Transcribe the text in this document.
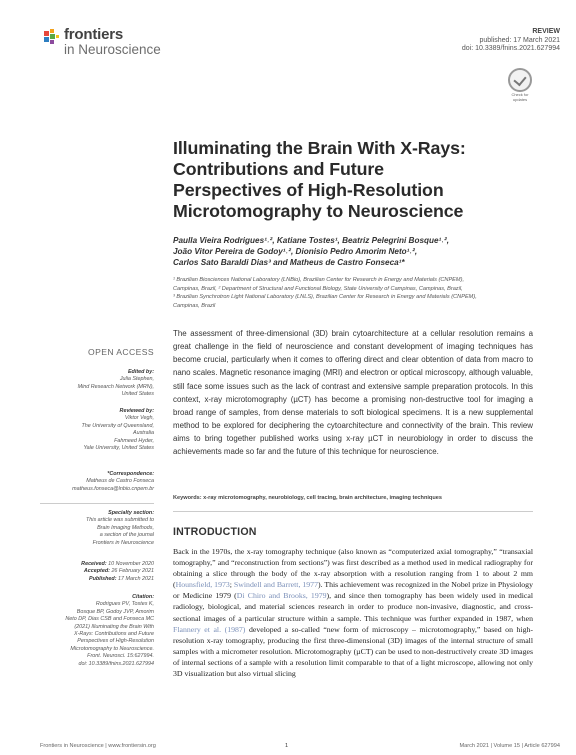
frontiers
in Neuroscience
REVIEW
published: 17 March 2021
doi: 10.3389/fnins.2021.627994
Check for updates
Illuminating the Brain With X-Rays:
Contributions and Future
Perspectives of High-Resolution
Microtomography to Neuroscience
Paulla Vieira Rodrigues¹˒², Katiane Tostes¹, Beatriz Pelegrini Bosque¹˒²,
João Vitor Pereira de Godoy¹˒², Dionisio Pedro Amorim Neto¹˒²,
Carlos Sato Baraldi Dias³ and Matheus de Castro Fonseca¹*
¹ Brazilian Biosciences National Laboratory (LNBio), Brazilian Center for Research in Energy and Materials (CNPEM),
Campinas, Brazil, ² Department of Structural and Functional Biology, State University of Campinas, Campinas, Brazil,
³ Brazilian Synchrotron Light National Laboratory (LNLS), Brazilian Center for Research in Energy and Materials (CNPEM),
Campinas, Brazil
OPEN ACCESS
Edited by:
Julia Stephen,
Mind Research Network (MRN),
United States
Reviewed by:
Viktor Vegh,
The University of Queensland,
Australia
Fahmeed Hyder,
Yale University, United States
*Correspondence:
Matheus de Castro Fonseca
matheus.fonseca@lnbio.cnpem.br
Specialty section:
This article was submitted to
Brain Imaging Methods,
a section of the journal
Frontiers in Neuroscience
Received: 10 November 2020
Accepted: 26 February 2021
Published: 17 March 2021
Citation:
Rodrigues PV, Tostes K,
Bosque BP, Godoy JVP, Amorim
Neto DP, Dias CSB and Fonseca MC
(2021) Illuminating the Brain With
X-Rays: Contributions and Future
Perspectives of High-Resolution
Microtomography to Neuroscience.
Front. Neurosci. 15:627994.
doi: 10.3389/fnins.2021.627994
The assessment of three-dimensional (3D) brain cytoarchitecture at a cellular resolution remains a great challenge in the field of neuroscience and constant development of imaging techniques has become crucial, particularly when it comes to offering direct and clear obtention of data from macro to nano scales. Magnetic resonance imaging (MRI) and electron or optical microscopy, although valuable, still face some issues such as the lack of contrast and extensive sample preparation protocols. In this context, x-ray microtomography (µCT) has become a promising non-destructive tool for imaging a broad range of samples, from dense materials to soft biological specimens. It is a new supplemental method to be explored for deciphering the cytoarchitecture and connectivity of the brain. This review aims to bring together published works using x-ray µCT in neurobiology in order to discuss the achievements made so far and the future of this technique for neuroscience.
Keywords: x-ray microtomography, neurobiology, cell tracing, brain architecture, imaging techniques
INTRODUCTION
Back in the 1970s, the x-ray tomography technique (also known as “computerized axial tomography,” “transaxial tomography,” and “reconstruction from sections”) was first described as a method used in medical radiography for obtaining a slice through the body of the x-ray absorption with a resolution ranging from 1 to about 2 mm (Hounsfield, 1973; Swindell and Barrett, 1977). This achievement was recognized in the Nobel prize in Physiology or Medicine 1979 (Di Chiro and Brooks, 1979), and since then tomography has been widely used in medical radiology, biological, and material sciences research in order to produce non-invasive, diagnostic, and cross-sectional images of a particular structure within a sample. This technique was further expanded in 1987, when Flannery et al. (1987) developed a so-called “new form of microscopy – microtomography,” based on high-resolution x-ray tomography, producing the first three-dimensional (3D) images of the internal structure of small samples with a micrometer resolution. Microtomography (µCT) can be used to non-destructively create 3D images of internal sections of a sample with a resolution limit comparable to that of a light microscope, allowing not only 3D visualization but also virtual slicing
Frontiers in Neuroscience | www.frontiersin.org	1	March 2021 | Volume 15 | Article 627994
